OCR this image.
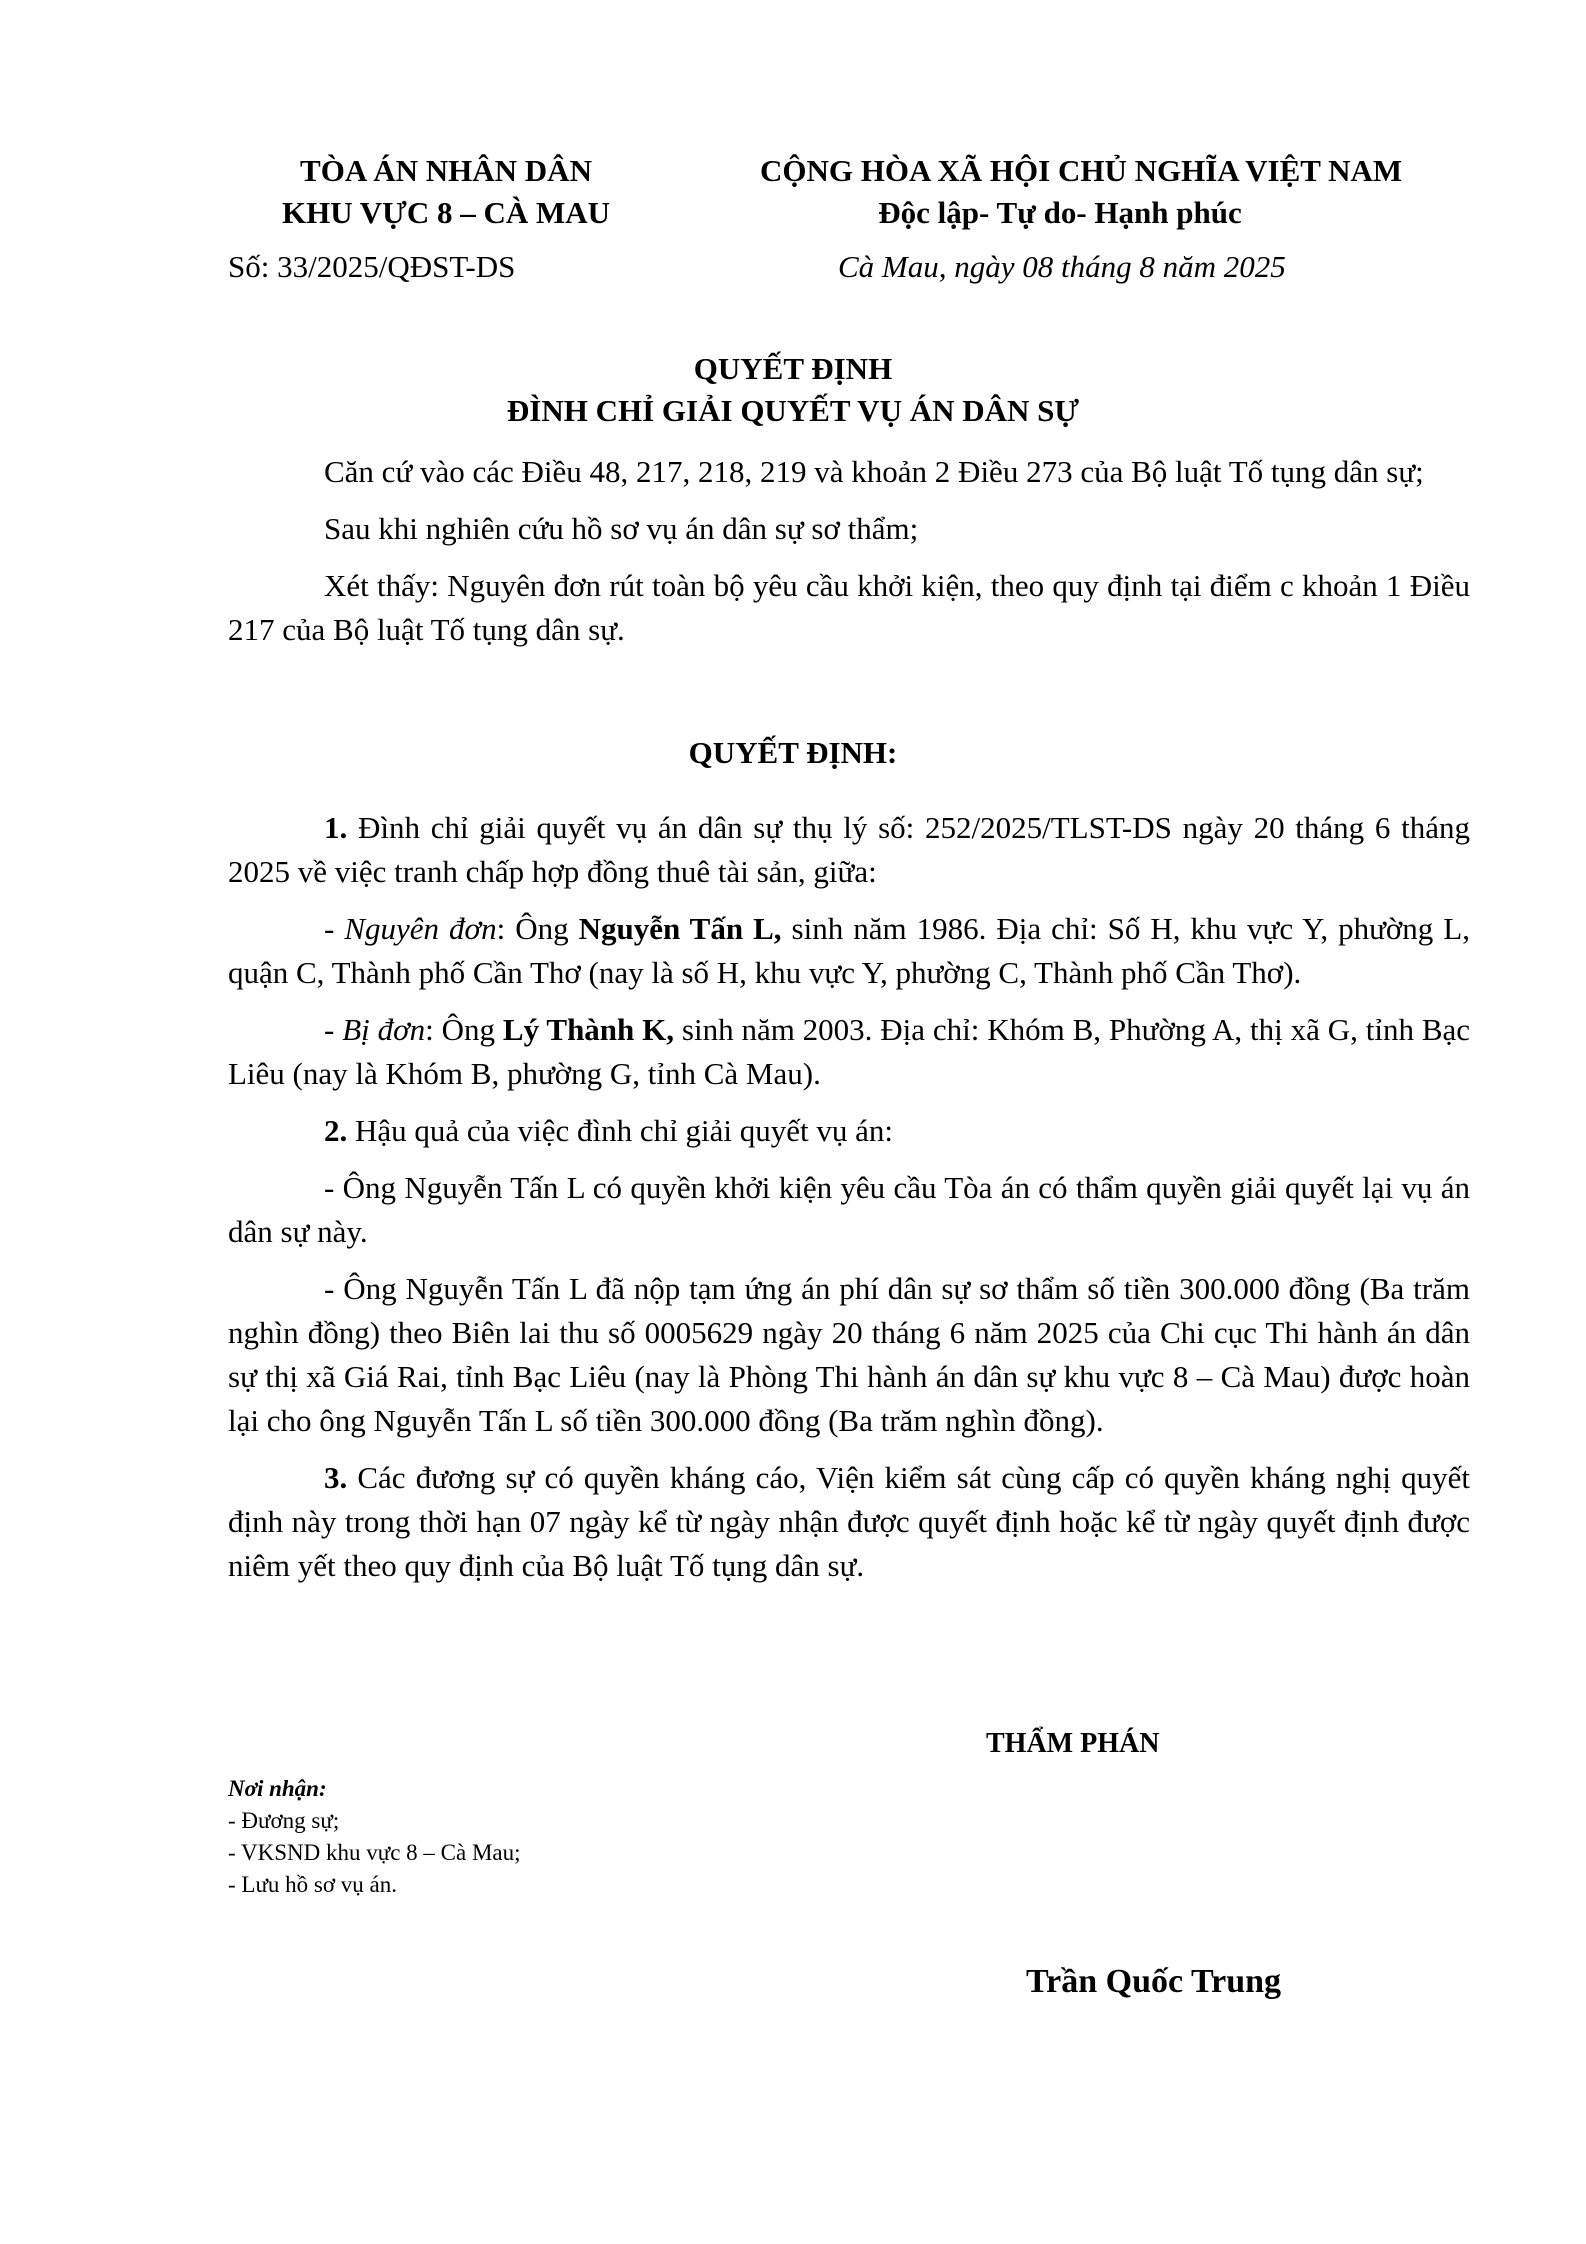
TÒA ÁN NHÂN DÂN
KHU VỰC 8 – CÀ MAU
CỘNG HÒA XÃ HỘI CHỦ NGHĨA VIỆT NAM
Độc lập- Tự do- Hạnh phúc
Số: 33/2025/QĐST-DS	Cà Mau, ngày 08 tháng 8 năm 2025
QUYẾT ĐỊNH
ĐÌNH CHỈ GIẢI QUYẾT VỤ ÁN DÂN SỰ

Căn cứ vào các Điều 48, 217, 218, 219 và khoản 2 Điều 273 của Bộ luật Tố tụng dân sự;

Sau khi nghiên cứu hồ sơ vụ án dân sự sơ thẩm;

Xét thấy: Nguyên đơn rút toàn bộ yêu cầu khởi kiện, theo quy định tại điểm c khoản 1 Điều 217 của Bộ luật Tố tụng dân sự.

QUYẾT ĐỊNH:

1. Đình chỉ giải quyết vụ án dân sự thụ lý số: 252/2025/TLST-DS ngày 20 tháng 6 tháng 2025 về việc tranh chấp hợp đồng thuê tài sản, giữa:

- Nguyên đơn: Ông Nguyễn Tấn L, sinh năm 1986. Địa chỉ: Số H, khu vực Y, phường L, quận C, Thành phố Cần Thơ (nay là số H, khu vực Y, phường C, Thành phố Cần Thơ).

- Bị đơn: Ông Lý Thành K, sinh năm 2003. Địa chỉ: Khóm B, Phường A, thị xã G, tỉnh Bạc Liêu (nay là Khóm B, phường G, tỉnh Cà Mau).

2. Hậu quả của việc đình chỉ giải quyết vụ án:

- Ông Nguyễn Tấn L có quyền khởi kiện yêu cầu Tòa án có thẩm quyền giải quyết lại vụ án dân sự này.

- Ông Nguyễn Tấn L đã nộp tạm ứng án phí dân sự sơ thẩm số tiền 300.000 đồng (Ba trăm nghìn đồng) theo Biên lai thu số 0005629 ngày 20 tháng 6 năm 2025 của Chi cục Thi hành án dân sự thị xã Giá Rai, tỉnh Bạc Liêu (nay là Phòng Thi hành án dân sự khu vực 8 – Cà Mau) được hoàn lại cho ông Nguyễn Tấn L số tiền 300.000 đồng (Ba trăm nghìn đồng).

3. Các đương sự có quyền kháng cáo, Viện kiểm sát cùng cấp có quyền kháng nghị quyết định này trong thời hạn 07 ngày kể từ ngày nhận được quyết định hoặc kể từ ngày quyết định được niêm yết theo quy định của Bộ luật Tố tụng dân sự.

THẨM PHÁN
Nơi nhận:
- Đương sự;
- VKSND khu vực 8 – Cà Mau;
- Lưu hồ sơ vụ án.
Trần Quốc Trung
